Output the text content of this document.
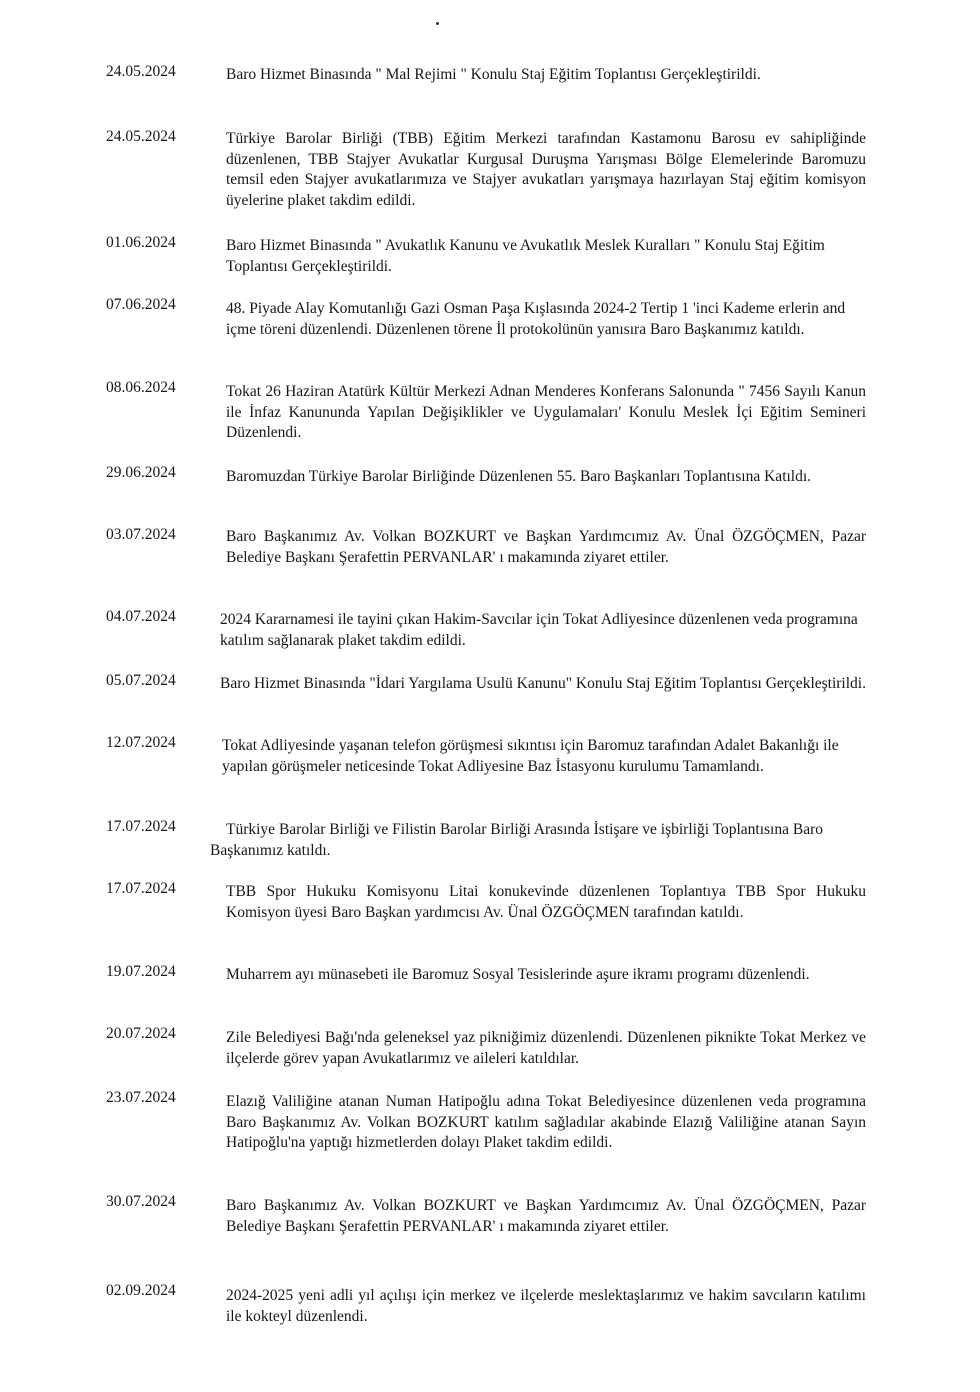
24.05.2024	Baro Hizmet Binasında " Mal Rejimi " Konulu Staj Eğitim Toplantısı Gerçekleştirildi.
24.05.2024	Türkiye Barolar Birliği (TBB) Eğitim Merkezi tarafından Kastamonu Barosu ev sahipliğinde düzenlenen, TBB Stajyer Avukatlar Kurgusal Duruşma Yarışması Bölge Elemelerinde Baromuzu temsil eden Stajyer avukatlarımıza ve Stajyer avukatları yarışmaya hazırlayan Staj eğitim komisyon üyelerine plaket takdim edildi.
01.06.2024	Baro Hizmet Binasında " Avukatlık Kanunu ve Avukatlık Meslek Kuralları " Konulu Staj Eğitim Toplantısı Gerçekleştirildi.
07.06.2024	48. Piyade Alay Komutanlığı Gazi Osman Paşa Kışlasında 2024-2 Tertip 1 'inci Kademe erlerin and içme töreni düzenlendi. Düzenlenen törene İl protokolünün yanısıra Baro Başkanımız katıldı.
08.06.2024	Tokat 26 Haziran Atatürk Kültür Merkezi Adnan Menderes Konferans Salonunda " 7456 Sayılı Kanun ile İnfaz Kanununda Yapılan Değişiklikler ve Uygulamaları' Konulu Meslek İçi Eğitim Semineri Düzenlendi.
29.06.2024	Baromuzdan Türkiye Barolar Birliğinde Düzenlenen 55. Baro Başkanları Toplantısına Katıldı.
03.07.2024	Baro Başkanımız Av. Volkan BOZKURT ve Başkan Yardımcımız Av. Ünal ÖZGÖÇMEN, Pazar Belediye Başkanı Şerafettin PERVANLAR' ı makamında ziyaret ettiler.
04.07.2024	2024 Kararnamesi ile tayini çıkan Hakim-Savcılar için Tokat Adliyesince düzenlenen veda programına katılım sağlanarak plaket takdim edildi.
05.07.2024	Baro Hizmet Binasında "İdari Yargılama Usulü Kanunu" Konulu Staj Eğitim Toplantısı Gerçekleştirildi.
12.07.2024	Tokat Adliyesinde yaşanan telefon görüşmesi sıkıntısı için Baromuz tarafından Adalet Bakanlığı ile yapılan görüşmeler neticesinde Tokat Adliyesine Baz İstasyonu kurulumu Tamamlandı.
17.07.2024	Türkiye Barolar Birliği ve Filistin Barolar Birliği Arasında İstişare ve işbirliği Toplantısına Baro Başkanımız katıldı.
17.07.2024	TBB Spor Hukuku Komisyonu Litai konukevinde düzenlenen Toplantıya TBB Spor Hukuku Komisyon üyesi Baro Başkan yardımcısı Av. Ünal ÖZGÖÇMEN tarafından katıldı.
19.07.2024	Muharrem ayı münasebeti ile Baromuz Sosyal Tesislerinde aşure ikramı programı düzenlendi.
20.07.2024	Zile Belediyesi Bağı'nda geleneksel yaz pikniğimiz düzenlendi. Düzenlenen piknikte Tokat Merkez ve ilçelerde görev yapan Avukatlarımız ve aileleri katıldılar.
23.07.2024	Elazığ Valiliğine atanan Numan Hatipoğlu adına Tokat Belediyesince düzenlenen veda programına Baro Başkanımız Av. Volkan BOZKURT katılım sağladılar akabinde Elazığ Valiliğine atanan Sayın Hatipoğlu'na yaptığı hizmetlerden dolayı Plaket takdim edildi.
30.07.2024	Baro Başkanımız Av. Volkan BOZKURT ve Başkan Yardımcımız Av. Ünal ÖZGÖÇMEN, Pazar Belediye Başkanı Şerafettin PERVANLAR' ı makamında ziyaret ettiler.
02.09.2024	2024-2025 yeni adli yıl açılışı için merkez ve ilçelerde meslektaşlarımız ve hakim savcıların katılımı ile kokteyl düzenlendi.
